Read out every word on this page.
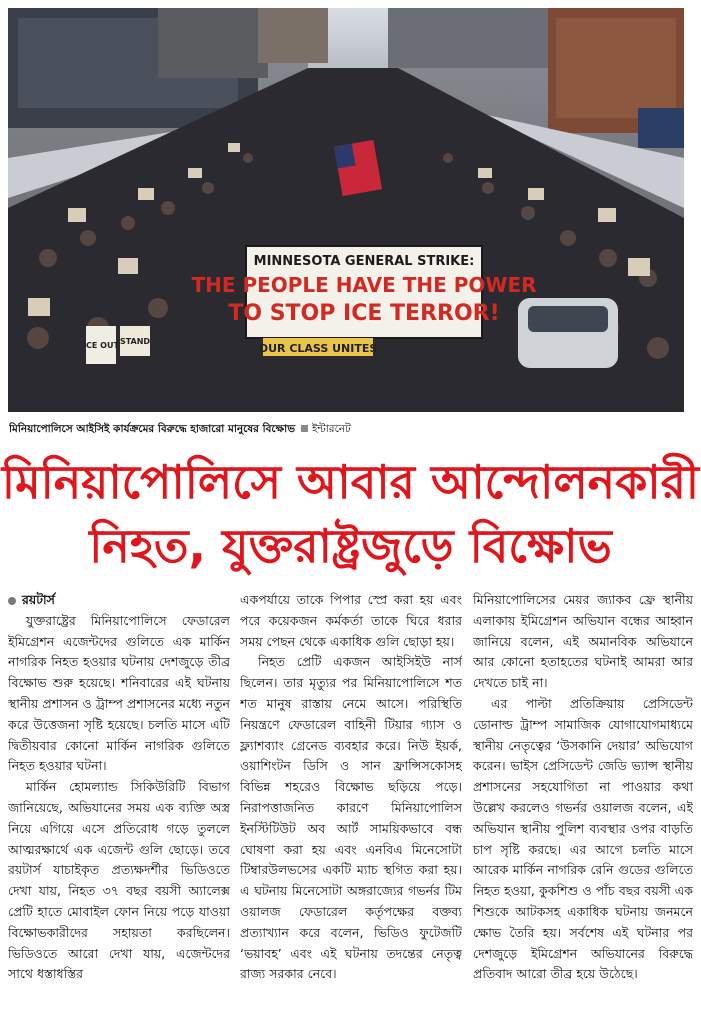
MINNESOTA GENERAL STRIKE:
THE PEOPLE HAVE THE POWER
TO STOP ICE TERROR!
OUR CLASS UNITES
ICE OUT STAND
মিনিয়াপোলিসে আইসিই কার্যক্রমের বিরুদ্ধে হাজারো মানুষের বিক্ষোভ ইন্টারনেট
মিনিয়াপোলিসে আবার আন্দোলনকারী
নিহত, যুক্তরাষ্ট্রজুড়ে বিক্ষোভ

রয়টার্স

যুক্তরাষ্ট্রের মিনিয়াপোলিসে ফেডারেল ইমিগ্রেশন এজেন্টদের গুলিতে এক মার্কিন নাগরিক নিহত হওয়ার ঘটনায় দেশজুড়ে তীব্র বিক্ষোভ শুরু হয়েছে। শনিবারের এই ঘটনায় স্থানীয় প্রশাসন ও ট্রাম্প প্রশাসনের মধ্যে নতুন করে উত্তেজনা সৃষ্টি হয়েছে। চলতি মাসে এটি দ্বিতীয়বার কোনো মার্কিন নাগরিক গুলিতে নিহত হওয়ার ঘটনা।

মার্কিন হোমল্যান্ড সিকিউরিটি বিভাগ জানিয়েছে, অভিযানের সময় এক ব্যক্তি অস্ত্র নিয়ে এগিয়ে এসে প্রতিরোধ গড়ে তুললে আত্মরক্ষার্থে এক এজেন্ট গুলি ছোড়ে। তবে রয়টার্স যাচাইকৃত প্রত্যক্ষদর্শীর ভিডিওতে দেখা যায়, নিহত ৩৭ বছর বয়সী অ্যালেক্স প্রেটি হাতে মোবাইল ফোন নিয়ে পড়ে যাওয়া বিক্ষোভকারীদের সহায়তা করছিলেন। ভিডিওতে আরো দেখা যায়, এজেন্টদের সাথে ধস্তাধস্তির

একপর্যায়ে তাকে পিপার স্প্রে করা হয় এবং পরে কয়েকজন কর্মকর্তা তাকে ঘিরে ধরার সময় পেছন থেকে একাধিক গুলি ছোড়া হয়।

নিহত প্রেটি একজন আইসিইউ নার্স ছিলেন। তার মৃত্যুর পর মিনিয়াপোলিসে শত শত মানুষ রাস্তায় নেমে আসে। পরিস্থিতি নিয়ন্ত্রণে ফেডারেল বাহিনী টিয়ার গ্যাস ও ফ্ল্যাশব্যাং গ্রেনেড ব্যবহার করে। নিউ ইয়র্ক, ওয়াশিংটন ডিসি ও সান ফ্রান্সিসকোসহ বিভিন্ন শহরেও বিক্ষোভ ছড়িয়ে পড়ে। নিরাপত্তাজনিত কারণে মিনিয়াপোলিস ইনস্টিটিউট অব আর্ট সাময়িকভাবে বন্ধ ঘোষণা করা হয় এবং এনবিএ মিনেসোটা টিম্বারউলভসের একটি ম্যাচ স্থগিত করা হয়। এ ঘটনায় মিনেসোটা অঙ্গরাজ্যের গভর্নর টিম ওয়ালজ ফেডারেল কর্তৃপক্ষের বক্তব্য প্রত্যাখ্যান করে বলেন, ভিডিও ফুটেজটি ‘ভয়াবহ’ এবং এই ঘটনায় তদন্তের নেতৃত্ব রাজ্য সরকার নেবে।

মিনিয়াপোলিসের মেয়র জ্যাকব ফ্রে স্থানীয় এলাকায় ইমিগ্রেশন অভিযান বন্ধের আহ্বান জানিয়ে বলেন, এই অমানবিক অভিযানে আর কোনো হতাহতের ঘটনাই আমরা আর দেখতে চাই না।

এর পাল্টা প্রতিক্রিয়ায় প্রেসিডেন্ট ডোনাল্ড ট্রাম্প সামাজিক যোগাযোগমাধ্যমে স্থানীয় নেতৃত্বের ‘উসকানি দেয়ার’ অভিযোগ করেন। ভাইস প্রেসিডেন্ট জেডি ভ্যান্স স্থানীয় প্রশাসনের সহযোগিতা না পাওয়ার কথা উল্লেখ করলেও গভর্নর ওয়ালজ বলেন, এই অভিযান স্থানীয় পুলিশ ব্যবস্থার ওপর বাড়তি চাপ সৃষ্টি করছে। এর আগে চলতি মাসে আরেক মার্কিন নাগরিক রেনি গুডের গুলিতে নিহত হওয়া, কুকশিশু ও পাঁচ বছর বয়সী এক শিশুকে আটকসহ একাধিক ঘটনায় জনমনে ক্ষোভ তৈরি হয়। সর্বশেষ এই ঘটনার পর দেশজুড়ে ইমিগ্রেশন অভিযানের বিরুদ্ধে প্রতিবাদ আরো তীব্র হয়ে উঠেছে।
